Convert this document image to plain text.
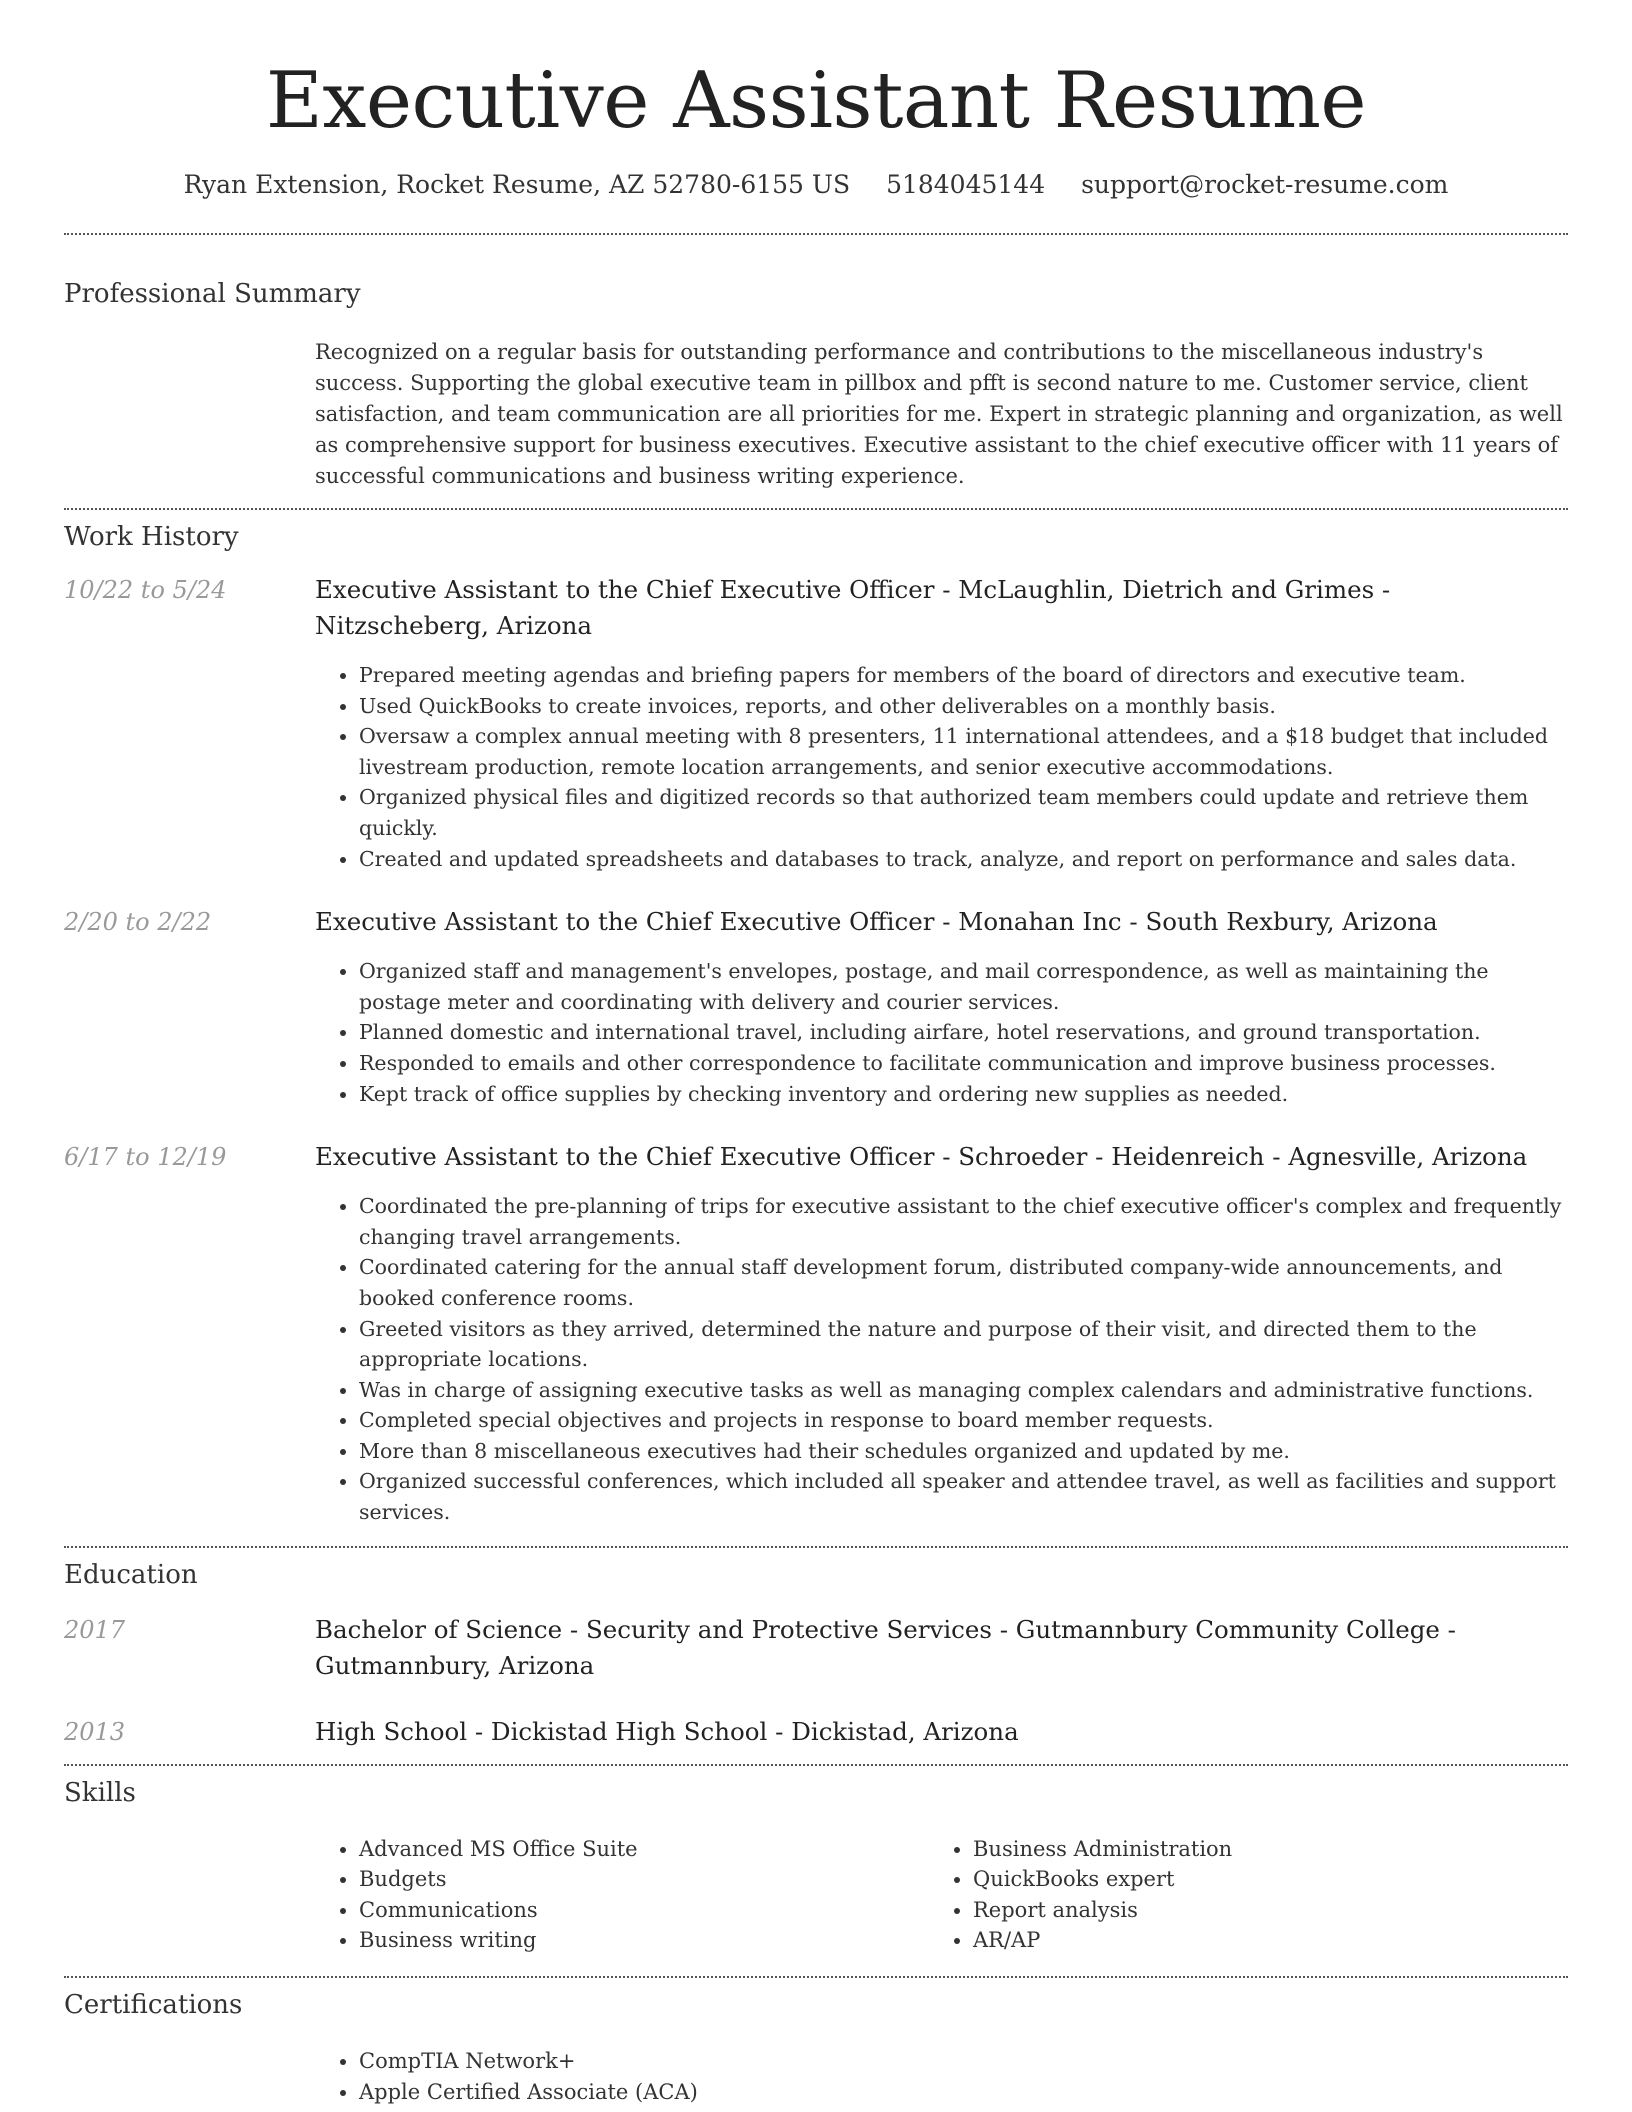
Executive Assistant Resume
Ryan Extension, Rocket Resume, AZ 52780-6155 US 5184045144 support@rocket-resume.com
Professional Summary
Recognized on a regular basis for outstanding performance and contributions to the miscellaneous industry's success. Supporting the global executive team in pillbox and pfft is second nature to me. Customer service, client satisfaction, and team communication are all priorities for me. Expert in strategic planning and organization, as well as comprehensive support for business executives. Executive assistant to the chief executive officer with 11 years of successful communications and business writing experience.
Work History
10/22 to 5/24	Executive Assistant to the Chief Executive Officer - McLaughlin, Dietrich and Grimes - Nitzscheberg, Arizona
• Prepared meeting agendas and briefing papers for members of the board of directors and executive team.
• Used QuickBooks to create invoices, reports, and other deliverables on a monthly basis.
• Oversaw a complex annual meeting with 8 presenters, 11 international attendees, and a $18 budget that included livestream production, remote location arrangements, and senior executive accommodations.
• Organized physical files and digitized records so that authorized team members could update and retrieve them quickly.
• Created and updated spreadsheets and databases to track, analyze, and report on performance and sales data.
2/20 to 2/22	Executive Assistant to the Chief Executive Officer - Monahan Inc - South Rexbury, Arizona
• Organized staff and management's envelopes, postage, and mail correspondence, as well as maintaining the postage meter and coordinating with delivery and courier services.
• Planned domestic and international travel, including airfare, hotel reservations, and ground transportation.
• Responded to emails and other correspondence to facilitate communication and improve business processes.
• Kept track of office supplies by checking inventory and ordering new supplies as needed.
6/17 to 12/19	Executive Assistant to the Chief Executive Officer - Schroeder - Heidenreich - Agnesville, Arizona
• Coordinated the pre-planning of trips for executive assistant to the chief executive officer's complex and frequently changing travel arrangements.
• Coordinated catering for the annual staff development forum, distributed company-wide announcements, and booked conference rooms.
• Greeted visitors as they arrived, determined the nature and purpose of their visit, and directed them to the appropriate locations.
• Was in charge of assigning executive tasks as well as managing complex calendars and administrative functions.
• Completed special objectives and projects in response to board member requests.
• More than 8 miscellaneous executives had their schedules organized and updated by me.
• Organized successful conferences, which included all speaker and attendee travel, as well as facilities and support services.
Education
2017	Bachelor of Science - Security and Protective Services - Gutmannbury Community College - Gutmannbury, Arizona
2013	High School - Dickistad High School - Dickistad, Arizona
Skills
• Advanced MS Office Suite
• Budgets
• Communications
• Business writing
• Business Administration
• QuickBooks expert
• Report analysis
• AR/AP
Certifications
• CompTIA Network+
• Apple Certified Associate (ACA)
